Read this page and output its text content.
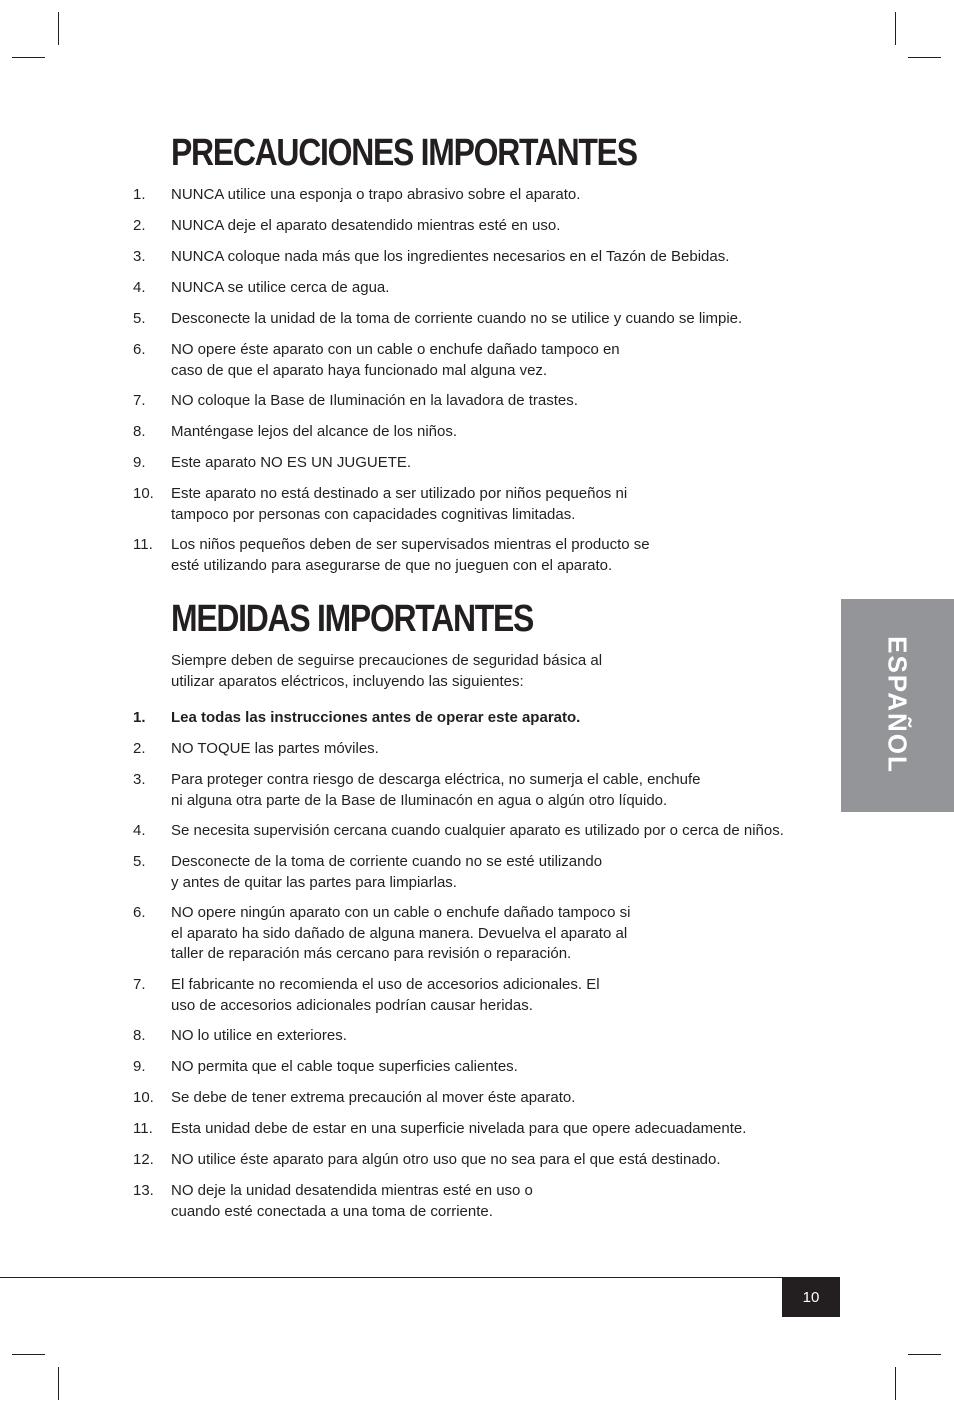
PRECAUCIONES IMPORTANTES
1.	NUNCA utilice una esponja o trapo abrasivo sobre el aparato.
2.	NUNCA deje el aparato desatendido mientras esté en uso.
3.	NUNCA coloque nada más que los ingredientes necesarios en el Tazón de Bebidas.
4.	NUNCA se utilice cerca de agua.
5.	Desconecte la unidad de la toma de corriente cuando no se utilice y cuando se limpie.
6.	NO opere éste aparato con un cable o enchufe dañado tampoco en
caso de que el aparato haya funcionado mal alguna vez.
7.	NO coloque la Base de Iluminación en la lavadora de trastes.
8.	Manténgase lejos del alcance de los niños.
9.	Este aparato NO ES UN JUGUETE.
10.	Este aparato no está destinado a ser utilizado por niños pequeños ni
tampoco por personas con capacidades cognitivas limitadas.
11.	Los niños pequeños deben de ser supervisados mientras el producto se
esté utilizando para asegurarse de que no jueguen con el aparato.
MEDIDAS IMPORTANTES

Siempre deben de seguirse precauciones de seguridad básica al
utilizar aparatos eléctricos, incluyendo las siguientes:

1.	Lea todas las instrucciones antes de operar este aparato.
2.	NO TOQUE las partes móviles.
3.	Para proteger contra riesgo de descarga eléctrica, no sumerja el cable, enchufe
ni alguna otra parte de la Base de Iluminacón en agua o algún otro líquido.
4.	Se necesita supervisión cercana cuando cualquier aparato es utilizado por o cerca de niños.
5.	Desconecte de la toma de corriente cuando no se esté utilizando
y antes de quitar las partes para limpiarlas.
6.	NO opere ningún aparato con un cable o enchufe dañado tampoco si
el aparato ha sido dañado de alguna manera. Devuelva el aparato al
taller de reparación más cercano para revisión o reparación.
7.	El fabricante no recomienda el uso de accesorios adicionales. El
uso de accesorios adicionales podrían causar heridas.
8.	NO lo utilice en exteriores.
9.	NO permita que el cable toque superficies calientes.
10.	Se debe de tener extrema precaución al mover éste aparato.
11.	Esta unidad debe de estar en una superficie nivelada para que opere adecuadamente.
12.	NO utilice éste aparato para algún otro uso que no sea para el que está destinado.
13.	NO deje la unidad desatendida mientras esté en uso o
cuando esté conectada a una toma de corriente.
ESPAÑOL
10
